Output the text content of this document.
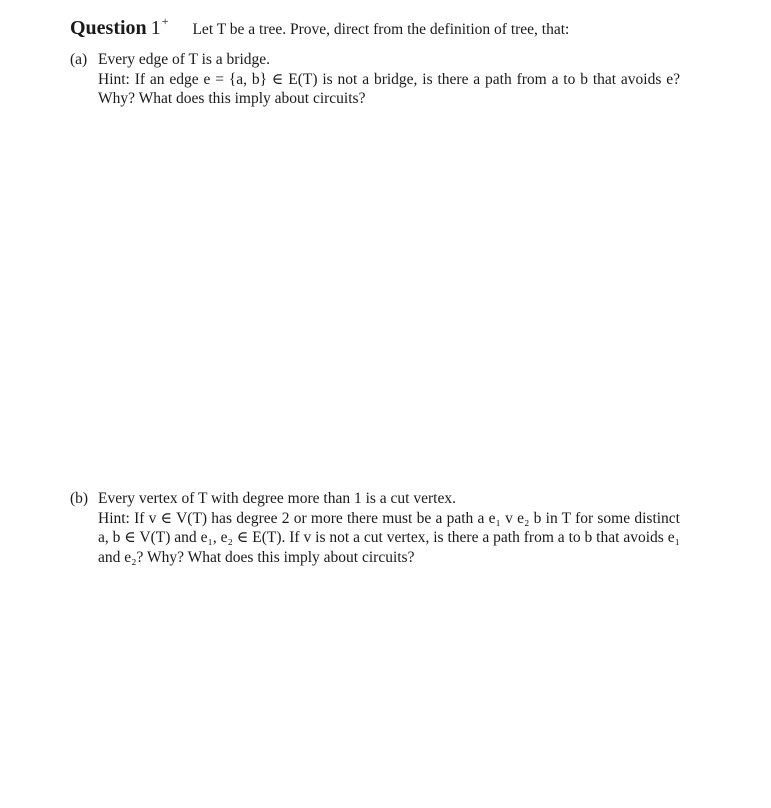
Question 1+ Let T be a tree. Prove, direct from the definition of tree, that:
(a) Every edge of T is a bridge.
Hint: If an edge e = {a, b} ∈ E(T) is not a bridge, is there a path from a to b that avoids e? Why? What does this imply about circuits?
(b) Every vertex of T with degree more than 1 is a cut vertex.
Hint: If v ∈ V(T) has degree 2 or more there must be a path a e₁ v e₂ b in T for some distinct a, b ∈ V(T) and e₁, e₂ ∈ E(T). If v is not a cut vertex, is there a path from a to b that avoids e₁ and e₂? Why? What does this imply about circuits?
